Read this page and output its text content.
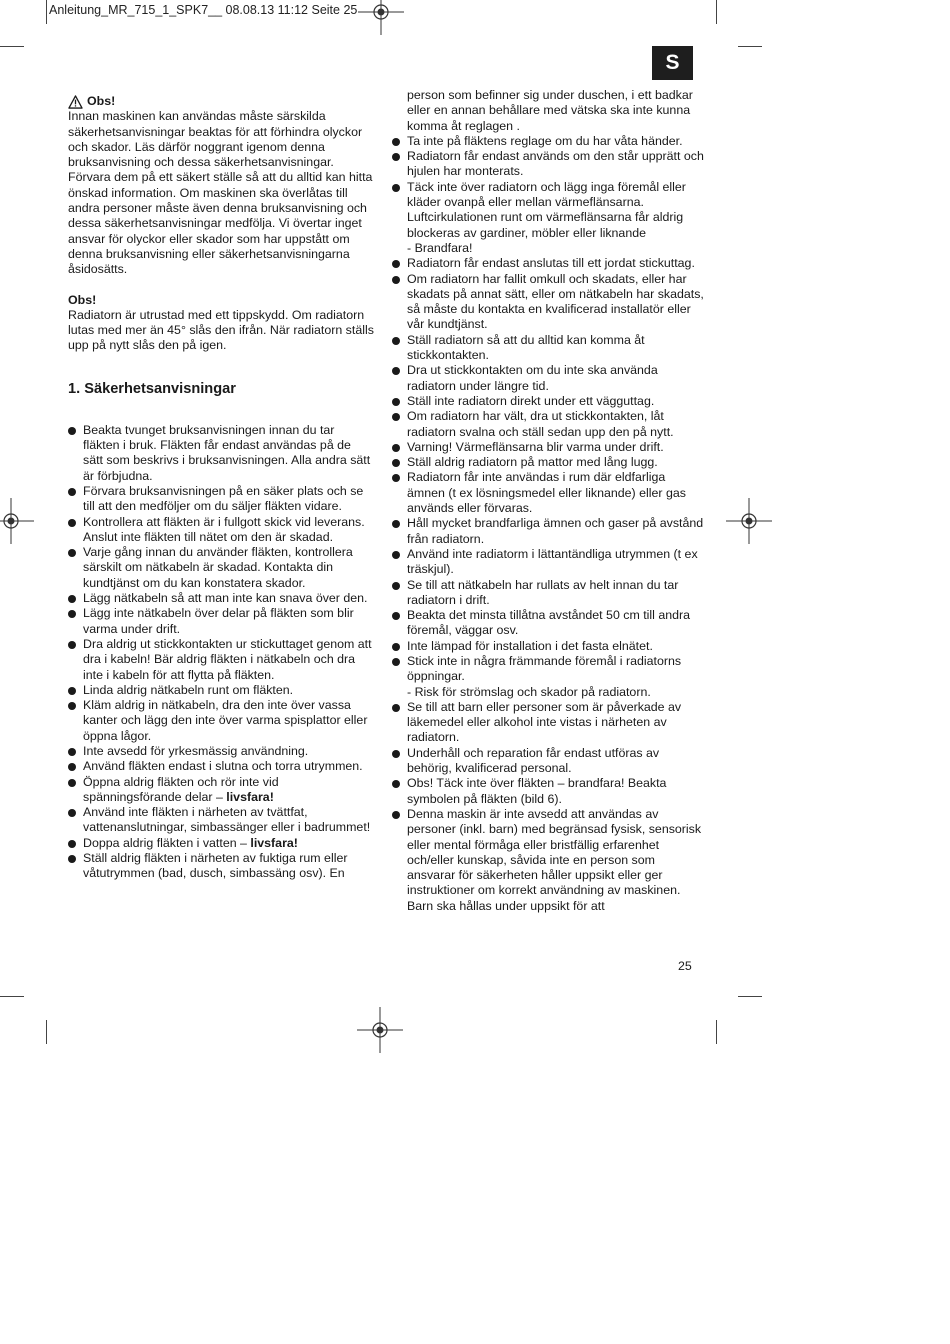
Anleitung_MR_715_1_SPK7__ 08.08.13 11:12 Seite 25
S

Obs!

Innan maskinen kan användas måste särskilda säkerhetsanvisningar beaktas för att förhindra olyckor och skador. Läs därför noggrant igenom denna bruksanvisning och dessa säkerhetsanvisningar. Förvara dem på ett säkert ställe så att du alltid kan hitta önskad information. Om maskinen ska överlåtas till andra personer måste även denna bruksanvisning och dessa säkerhetsanvisningar medfölja. Vi övertar inget ansvar för olyckor eller skador som har uppstått om denna bruksanvisning eller säkerhetsanvisningarna åsidosätts.

Obs!

Radiatorn är utrustad med ett tippskydd. Om radiatorn lutas med mer än 45° slås den ifrån. När radiatorn ställs upp på nytt slås den på igen.

1. Säkerhetsanvisningar
Beakta tvunget bruksanvisningen innan du tar fläkten i bruk. Fläkten får endast användas på de sätt som beskrivs i bruksanvisningen. Alla andra sätt är förbjudna.
Förvara bruksanvisningen på en säker plats och se till att den medföljer om du säljer fläkten vidare.
Kontrollera att fläkten är i fullgott skick vid leverans. Anslut inte fläkten till nätet om den är skadad.
Varje gång innan du använder fläkten, kontrollera särskilt om nätkabeln är skadad. Kontakta din kundtjänst om du kan konstatera skador.
Lägg nätkabeln så att man inte kan snava över den.
Lägg inte nätkabeln över delar på fläkten som blir varma under drift.
Dra aldrig ut stickkontakten ur stickuttaget genom att dra i kabeln! Bär aldrig fläkten i nätkabeln och dra inte i kabeln för att flytta på fläkten.
Linda aldrig nätkabeln runt om fläkten.
Kläm aldrig in nätkabeln, dra den inte över vassa kanter och lägg den inte över varma spisplattor eller öppna lågor.
Inte avsedd för yrkesmässig användning.
Använd fläkten endast i slutna och torra utrymmen.
Öppna aldrig fläkten och rör inte vid spänningsförande delar – livsfara!
Använd inte fläkten i närheten av tvättfat, vattenanslutningar, simbassänger eller i badrummet!
Doppa aldrig fläkten i vatten – livsfara!
Ställ aldrig fläkten i närheten av fuktiga rum eller våtutrymmen (bad, dusch, simbassäng osv). En

person som befinner sig under duschen, i ett badkar eller en annan behållare med vätska ska inte kunna komma åt reglagen .

Ta inte på fläktens reglage om du har våta händer.
Radiatorn får endast används om den står upprätt och hjulen har monterats.
Täck inte över radiatorn och lägg inga föremål eller kläder ovanpå eller mellan värmeflänsarna. Luftcirkulationen runt om värmeflänsarna får aldrig blockeras av gardiner, möbler eller liknande
- Brandfara!
Radiatorn får endast anslutas till ett jordat stickuttag.
Om radiatorn har fallit omkull och skadats, eller har skadats på annat sätt, eller om nätkabeln har skadats, så måste du kontakta en kvalificerad installatör eller vår kundtjänst.
Ställ radiatorn så att du alltid kan komma åt stickkontakten.
Dra ut stickkontakten om du inte ska använda radiatorn under längre tid.
Ställ inte radiatorn direkt under ett vägguttag.
Om radiatorn har vält, dra ut stickkontakten, låt radiatorn svalna och ställ sedan upp den på nytt.
Varning! Värmeflänsarna blir varma under drift.
Ställ aldrig radiatorn på mattor med lång lugg.
Radiatorn får inte användas i rum där eldfarliga ämnen (t ex lösningsmedel eller liknande) eller gas används eller förvaras.
Håll mycket brandfarliga ämnen och gaser på avstånd från radiatorn.
Använd inte radiatorm i lättantändliga utrymmen (t ex träskjul).
Se till att nätkabeln har rullats av helt innan du tar radiatorn i drift.
Beakta det minsta tillåtna avståndet 50 cm till andra föremål, väggar osv.
Inte lämpad för installation i det fasta elnätet.
Stick inte in några främmande föremål i radiatorns öppningar.
- Risk för strömslag och skador på radiatorn.
Se till att barn eller personer som är påverkade av läkemedel eller alkohol inte vistas i närheten av radiatorn.
Underhåll och reparation får endast utföras av behörig, kvalificerad personal.
Obs! Täck inte över fläkten – brandfara! Beakta symbolen på fläkten (bild 6).
Denna maskin är inte avsedd att användas av personer (inkl. barn) med begränsad fysisk, sensorisk eller mental förmåga eller bristfällig erfarenhet och/eller kunskap, såvida inte en person som ansvarar för säkerheten håller uppsikt eller ger instruktioner om korrekt användning av maskinen. Barn ska hållas under uppsikt för att
25
